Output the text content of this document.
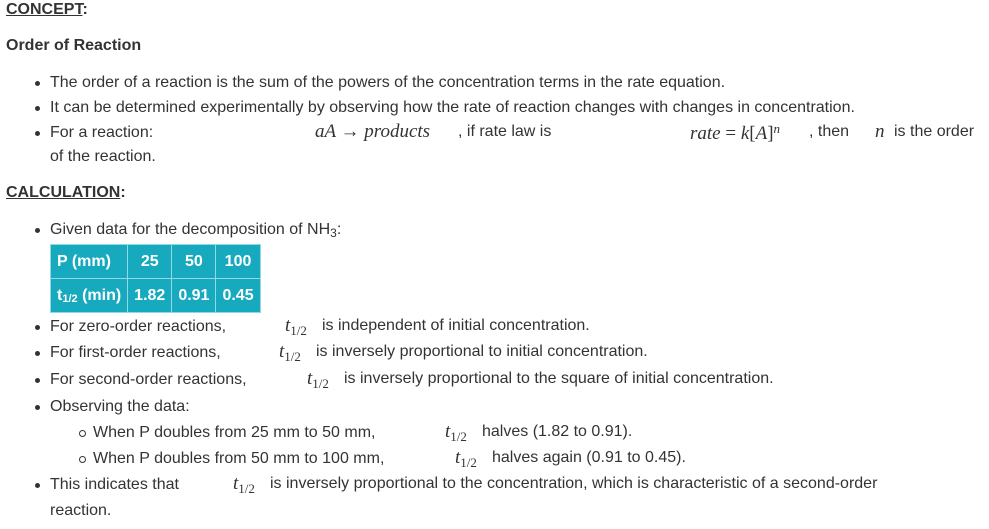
CONCEPT:
Order of Reaction
The order of a reaction is the sum of the powers of the concentration terms in the rate equation.
It can be determined experimentally by observing how the rate of reaction changes with changes in concentration.
For a reaction:	aA → products , if rate law is	rate = $k[A]^n$ , then n is the order
of the reaction.
CALCULATION:
Given data for the decomposition of $NH_3$:
P (mm)	25	50	100
$t_{1/2}$ (min)	1.82	0.91	0.45
For zero-order reactions,	$t_{1/2}$ is independent of initial concentration.
For first-order reactions,	$t_{1/2}$ is inversely proportional to initial concentration.
For second-order reactions,	$t_{1/2}$ is inversely proportional to the square of initial concentration.
Observing the data:
When P doubles from 25 mm to 50 mm,	$t_{1/2}$ halves (1.82 to 0.91).
When P doubles from 50 mm to 100 mm,	$t_{1/2}$ halves again (0.91 to 0.45).
This indicates that	$t_{1/2}$ is inversely proportional to the concentration, which is characteristic of a second-order
reaction.
